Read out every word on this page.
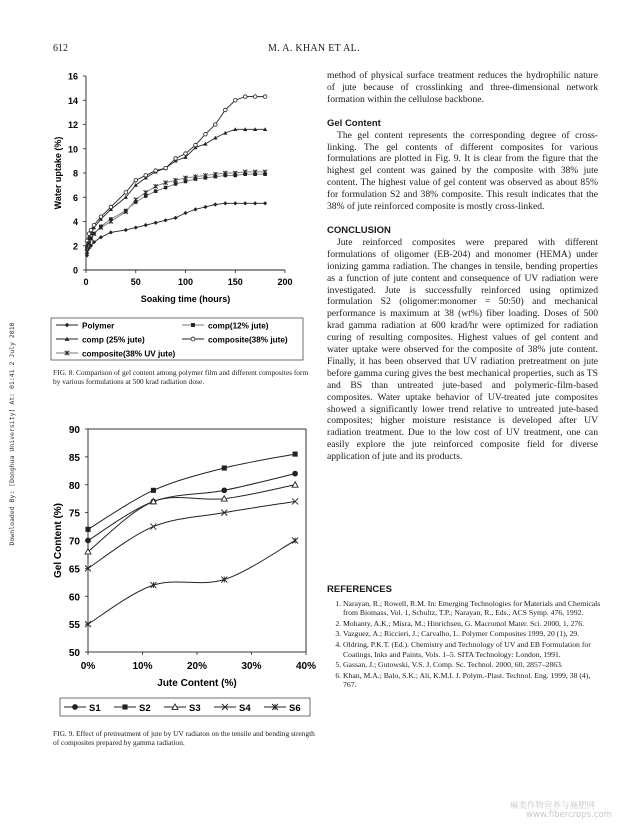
612	M. A. KHAN ET AL.
Downloaded By: [Donghua University] At: 01:41 2 July 2010
0
2
4
6
8
10
12
14
16
0	50	100	150	200
Soaking time (hours)
Water uptake (%)
Polymer	comp(12% jute)
comp (25% jute)	composite(38% jute)
composite(38% UV jute)
FIG. 8. Comparison of gel content among polymer film and different composites form by various formulations at 500 krad radiation dose.
50
55
60
65
70
75
80
85
90
0%	10%	20%	30%	40%
Jute Content (%)
Gel Content (%)
S1	S2	S3	S4	S6
FIG. 9. Effect of pretreatment of jute by UV radiaton on the tensile and bending strength of composites prepared by gamma radiation.

method of physical surface treatment reduces the hydrophilic nature of jute because of crosslinking and three-dimensional network formation within the cellulose backbone.

Gel Content

The gel content represents the corresponding degree of cross-linking. The gel contents of different composites for various formulations are plotted in Fig. 9. It is clear from the figure that the highest gel content was gained by the composite with 38% jute content. The highest value of gel content was observed as about 85% for formulation S2 and 38% composite. This result indicates that the 38% of jute reinforced composite is mostly cross-linked.

CONCLUSION

Jute reinforced composites were prepared with different formulations of oligomer (EB-204) and monomer (HEMA) under ionizing gamma radiation. The changes in tensile, bending properties as a function of jute content and consequence of UV radiation were investigated. Jute is successfully reinforced using optimized formulation S2 (oligomer:monomer = 50:50) and mechanical performance is maximum at 38 (wt%) fiber loading. Doses of 500 krad gamma radiation at 600 krad/hr were optimized for radiation curing of resulting composites. Highest values of gel content and water uptake were observed for the composite of 38% jute content. Finally, it has been observed that UV radiation pretreatment on jute before gamma curing gives the best mechanical properties, such as TS and BS than untreated jute-based and polymeric-film-based composites. Water uptake behavior of UV-treated jute composites showed a significantly lower trend relative to untreated jute-based composites; higher moisture resistance is developed after UV radiation treatment. Due to the low cost of UV treatment, one can easily explore the jute reinforced composite field for diverse application of jute and its products.

REFERENCES
1. Narayan, R.; Rowell, R.M. In: Emerging Technologies for Materials and Chemicals from Biomass, Vol. 1, Schultz, T.P.; Narayan, R., Eds., ACS Symp. 476, 1992.
2. Mohanty, A.K.; Misra, M.; Hinrichsen, G. Macromol Mater. Sci. 2000, 1, 276.
3. Vazguez, A.; Riccieri, J.; Carvalho, L. Polymer Composites 1999, 20 (1), 29.
4. Oldring, P.K.T. (Ed.). Chemistry and Technology of UV and EB Formulation for Coatings, Inks and Paints, Vols. 1–5. SITA Technology: London, 1991.
5. Gassan, J.; Gutowski, V.S. J. Comp. Sc. Technol. 2000, 60, 2857–2863.
6. Khan, M.A.; Balo, S.K.; Ali, K.M.I. J. Polym.-Plast. Technol. Eng. 1999, 38 (4), 767.
麻类作物营养与施肥网
www.fibercrops.com
